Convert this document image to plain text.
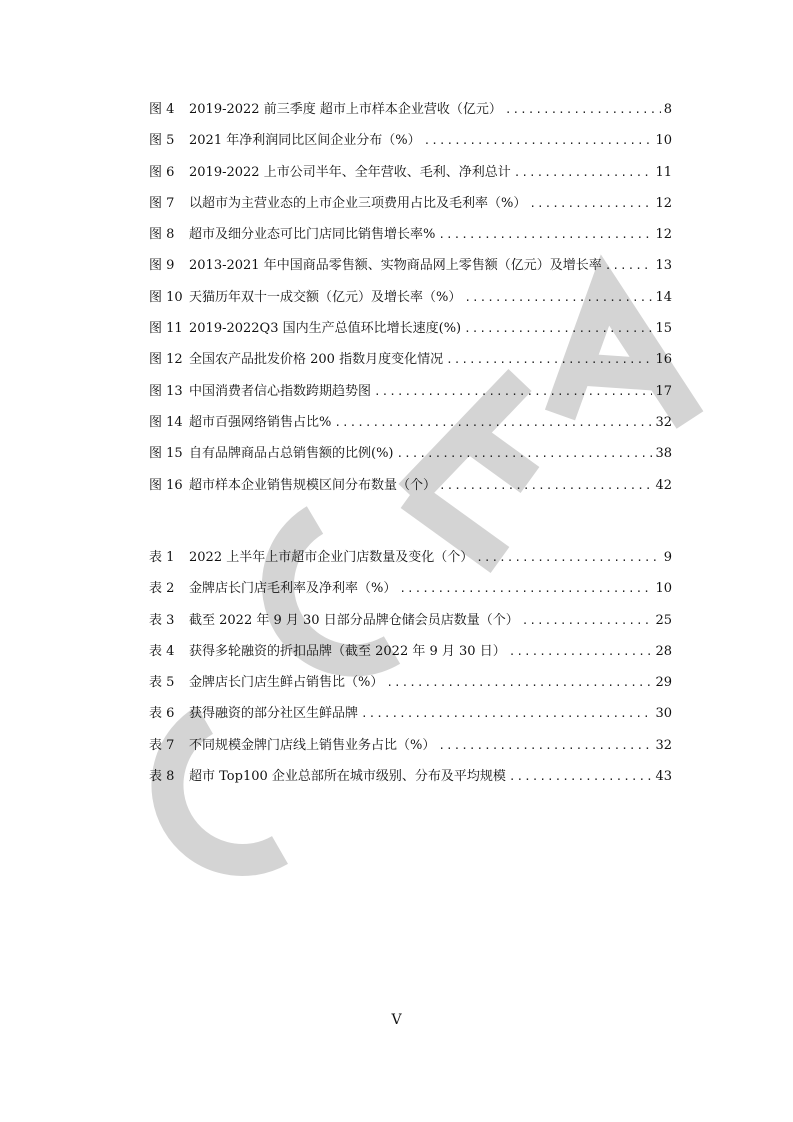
图 4	2019-2022 前三季度 超市上市样本企业营收（亿元） .....	8
图 5	2021 年净利润同比区间企业分布（%） .....	10
图 6	2019-2022 上市公司半年、全年营收、毛利、净利总计 .....	11
图 7	以超市为主营业态的上市企业三项费用占比及毛利率（%） .....	12
图 8	超市及细分业态可比门店同比销售增长率% .....	12
图 9	2013-2021 年中国商品零售额、实物商品网上零售额（亿元）及增长率 .....	13
图 10 天猫历年双十一成交额（亿元）及增长率（%） .....	14
图 11 2019-2022Q3 国内生产总值环比增长速度(%) .....	15
图 12 全国农产品批发价格 200 指数月度变化情况 .....	16
图 13 中国消费者信心指数跨期趋势图 .....	17
图 14 超市百强网络销售占比% .....	32
图 15 自有品牌商品占总销售额的比例(%) .....	38
图 16 超市样本企业销售规模区间分布数量（个） .....	42
表 1	2022 上半年上市超市企业门店数量及变化（个） .....	9
表 2	金牌店长门店毛利率及净利率（%） .....	10
表 3	截至 2022 年 9 月 30 日部分品牌仓储会员店数量（个） .....	25
表 4	获得多轮融资的折扣品牌（截至 2022 年 9 月 30 日） .....	28
表 5	金牌店长门店生鲜占销售比（%） .....	29
表 6	获得融资的部分社区生鲜品牌 .....	30
表 7	不同规模金牌门店线上销售业务占比（%） .....	32
表 8	超市 Top100 企业总部所在城市级别、分布及平均规模 .....	43
V
